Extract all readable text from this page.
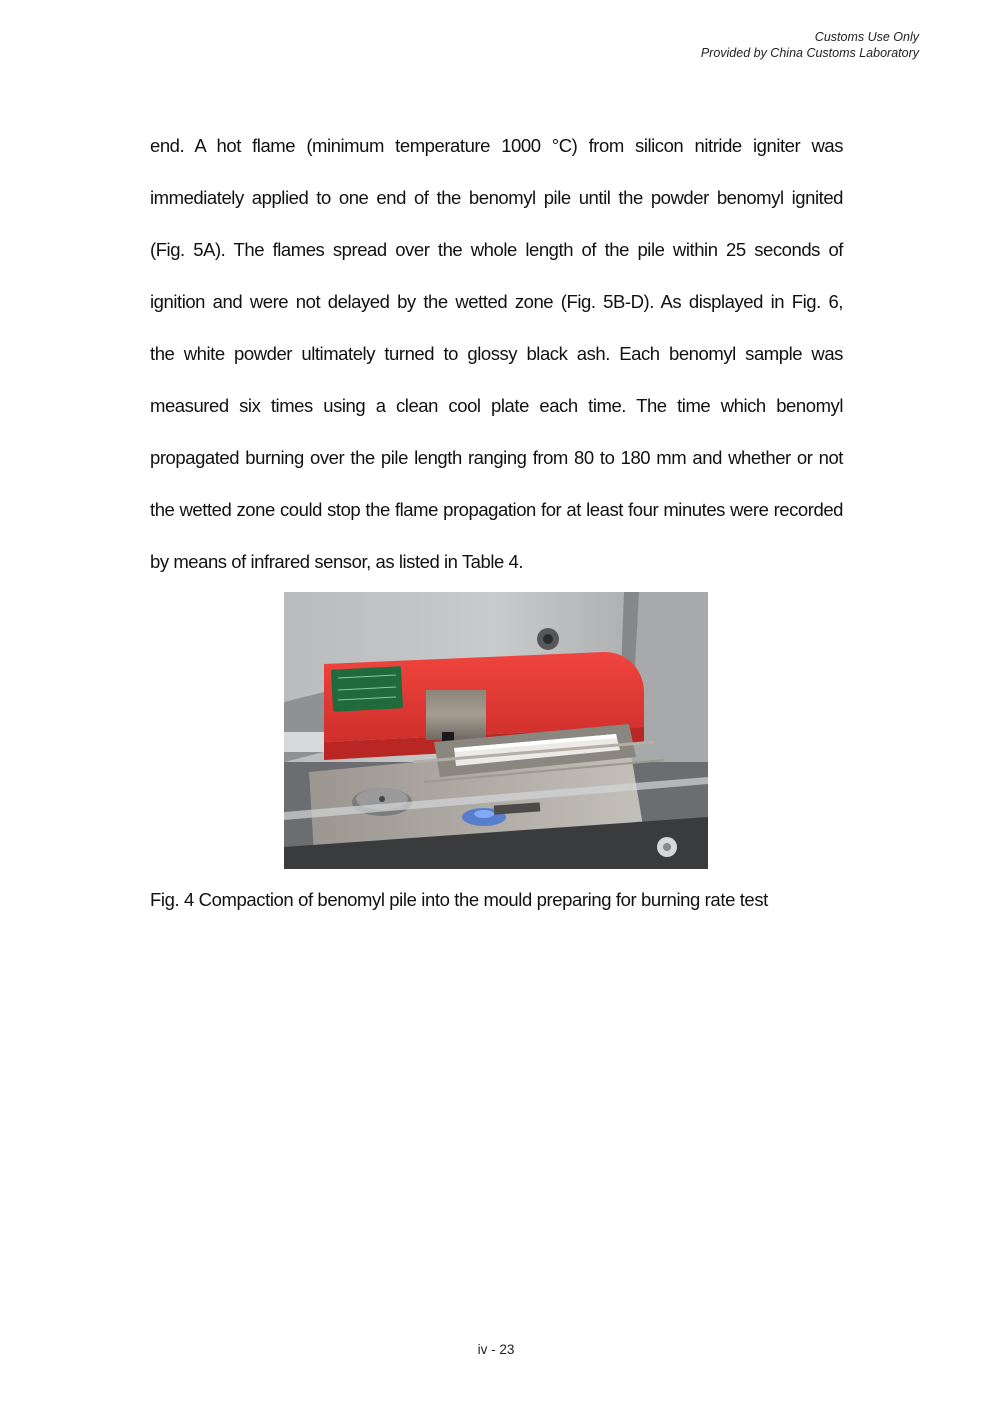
Customs Use Only
Provided by China Customs Laboratory
end. A hot flame (minimum temperature 1000 °C) from silicon nitride igniter was
immediately applied to one end of the benomyl pile until the powder benomyl ignited
(Fig. 5A). The flames spread over the whole length of the pile within 25 seconds of
ignition and were not delayed by the wetted zone (Fig. 5B-D). As displayed in Fig. 6,
the white powder ultimately turned to glossy black ash. Each benomyl sample was
measured six times using a clean cool plate each time. The time which benomyl
propagated burning over the pile length ranging from 80 to 180 mm and whether or not
the wetted zone could stop the flame propagation for at least four minutes were recorded
by means of infrared sensor, as listed in Table 4.
Fig. 4 Compaction of benomyl pile into the mould preparing for burning rate test
iv - 23
